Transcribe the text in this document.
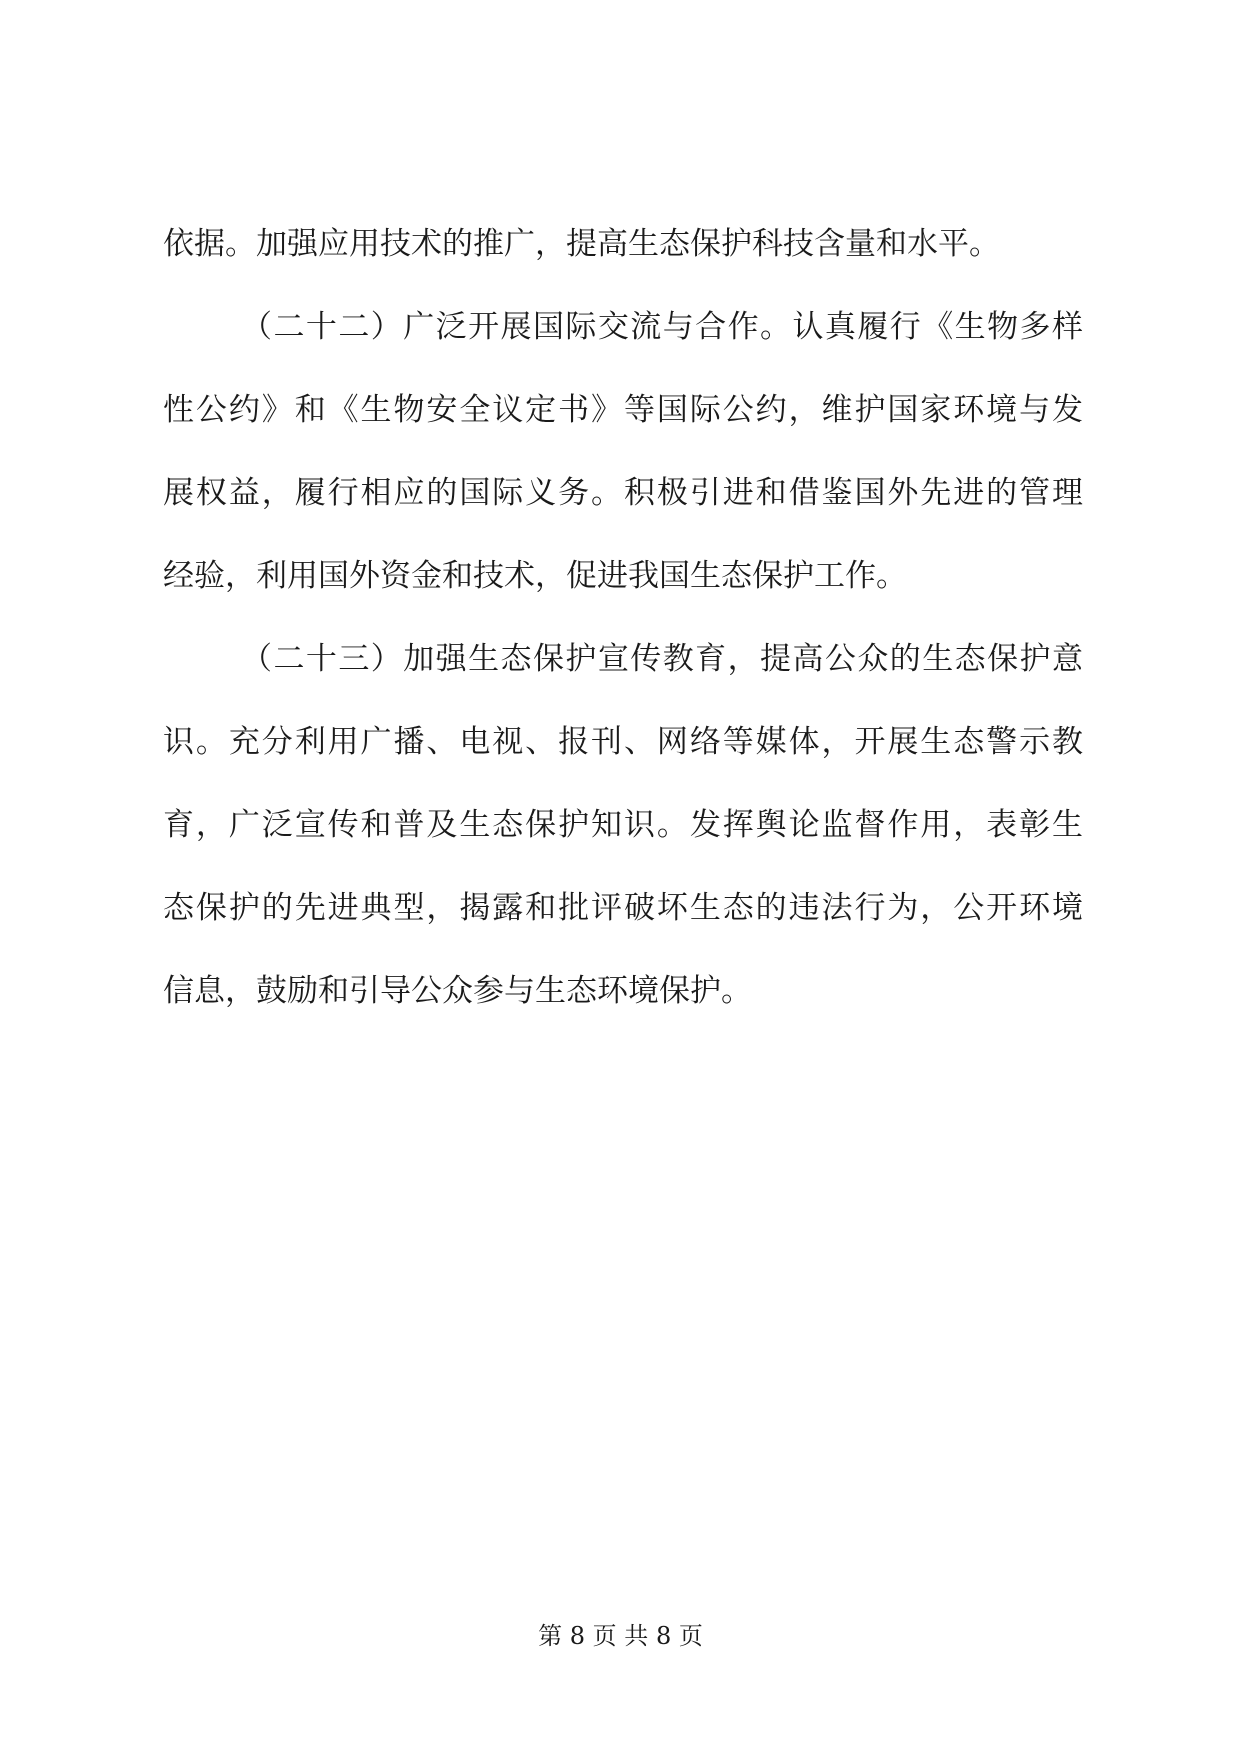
依据。加强应用技术的推广，提高生态保护科技含量和水平。
（二十二）广泛开展国际交流与合作。认真履行《生物多样
性公约》和《生物安全议定书》等国际公约，维护国家环境与发
展权益，履行相应的国际义务。积极引进和借鉴国外先进的管理
经验，利用国外资金和技术，促进我国生态保护工作。
（二十三）加强生态保护宣传教育，提高公众的生态保护意
识。充分利用广播、电视、报刊、网络等媒体，开展生态警示教
育，广泛宣传和普及生态保护知识。发挥舆论监督作用，表彰生
态保护的先进典型，揭露和批评破坏生态的违法行为，公开环境
信息，鼓励和引导公众参与生态环境保护。
第 8 页 共 8 页
